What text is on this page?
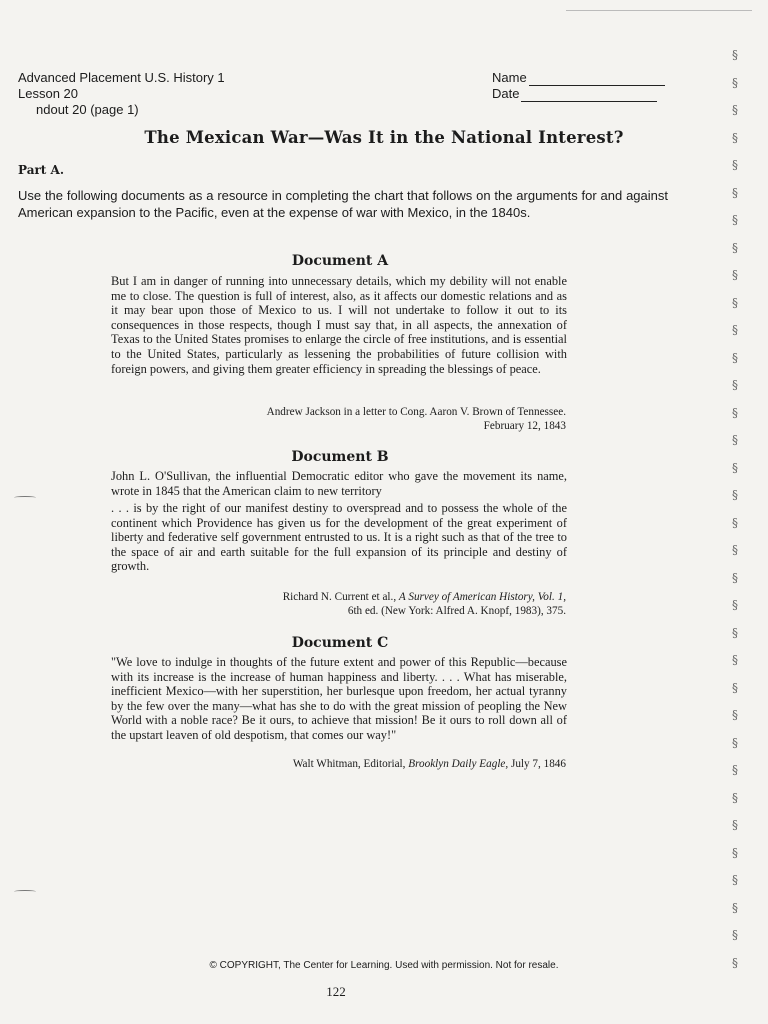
Advanced Placement U.S. History 1
Lesson 20
ndout 20 (page 1)
Name
Date
The Mexican War—Was It in the National Interest?
Part A.
Use the following documents as a resource in completing the chart that follows on the arguments for and against American expansion to the Pacific, even at the expense of war with Mexico, in the 1840s.
Document A
But I am in danger of running into unnecessary details, which my debility will not enable me to close. The question is full of interest, also, as it affects our domestic relations and as it may bear upon those of Mexico to us. I will not undertake to follow it out to its consequences in those respects, though I must say that, in all aspects, the annexation of Texas to the United States promises to enlarge the circle of free institutions, and is essential to the United States, particularly as lessening the probabilities of future collision with foreign powers, and giving them greater efficiency in spreading the blessings of peace.
Andrew Jackson in a letter to Cong. Aaron V. Brown of Tennessee.
February 12, 1843
Document B
John L. O'Sullivan, the influential Democratic editor who gave the movement its name, wrote in 1845 that the American claim to new territory
. . . is by the right of our manifest destiny to overspread and to possess the whole of the continent which Providence has given us for the development of the great experiment of liberty and federative self government entrusted to us. It is a right such as that of the tree to the space of air and earth suitable for the full expansion of its principle and destiny of growth.
Richard N. Current et al., A Survey of American History, Vol. 1,
6th ed. (New York: Alfred A. Knopf, 1983), 375.
Document C
"We love to indulge in thoughts of the future extent and power of this Republic—because with its increase is the increase of human happiness and liberty. . . . What has miserable, inefficient Mexico—with her superstition, her burlesque upon freedom, her actual tyranny by the few over the many—what has she to do with the great mission of peopling the New World with a noble race? Be it ours, to achieve that mission! Be it ours to roll down all of the upstart leaven of old despotism, that comes our way!"
Walt Whitman, Editorial, Brooklyn Daily Eagle, July 7, 1846
© COPYRIGHT, The Center for Learning. Used with permission. Not for resale.
122
§
§
§
§
§
§
§
§
§
§
§
§
§
§
§
§
§
§
§
§
§
§
§
§
§
§
§
§
§
§
§
§
§
§
